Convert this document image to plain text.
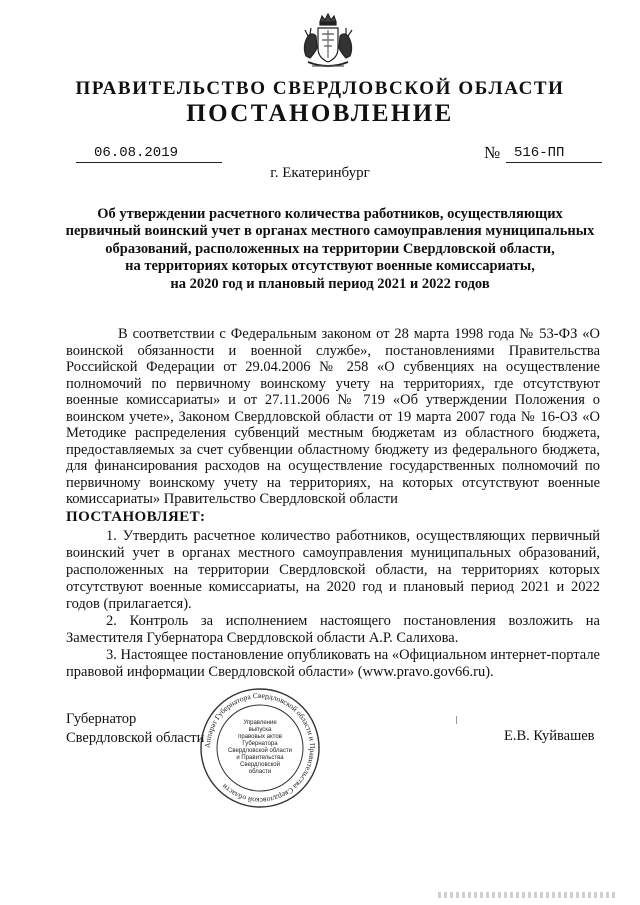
ПРАВИТЕЛЬСТВО СВЕРДЛОВСКОЙ ОБЛАСТИ
ПОСТАНОВЛЕНИЕ
06.08.2019	№ 516-ПП
г. Екатеринбург
Об утверждении расчетного количества работников, осуществляющих
первичный воинский учет в органах местного самоуправления муниципальных
образований, расположенных на территории Свердловской области,
на территориях которых отсутствуют военные комиссариаты,
на 2020 год и плановый период 2021 и 2022 годов
В соответствии с Федеральным законом от 28 марта 1998 года № 53-ФЗ «О воинской обязанности и военной службе», постановлениями Правительства Российской Федерации от 29.04.2006 № 258 «О субвенциях на осуществление полномочий по первичному воинскому учету на территориях, где отсутствуют военные комиссариаты» и от 27.11.2006 № 719 «Об утверждении Положения о воинском учете», Законом Свердловской области от 19 марта 2007 года № 16-ОЗ «О Методике распределения субвенций местным бюджетам из областного бюджета, предоставляемых за счет субвенции областному бюджету из федерального бюджета, для финансирования расходов на осуществление государственных полномочий по первичному воинскому учету на территориях, на которых отсутствуют военные комиссариаты» Правительство Свердловской области
ПОСТАНОВЛЯЕТ:

1. Утвердить расчетное количество работников, осуществляющих первичный воинский учет в органах местного самоуправления муниципальных образований, расположенных на территории Свердловской области, на территориях которых отсутствуют военные комиссариаты, на 2020 год и плановый период 2021 и 2022 годов (прилагается).

2. Контроль за исполнением настоящего постановления возложить на Заместителя Губернатора Свердловской области А.Р. Салихова.

3. Настоящее постановление опубликовать на «Официальном интернет-портале правовой информации Свердловской области» (www.pravo.gov66.ru).

Губернатор
Свердловской области	Е.В. Куйвашев
Аппарат Губернатора Свердловской области и Правительства Свердловской области
Управление
выпуска
правовых актов
Губернатора
Свердловской области
и Правительства
Свердловской
области
